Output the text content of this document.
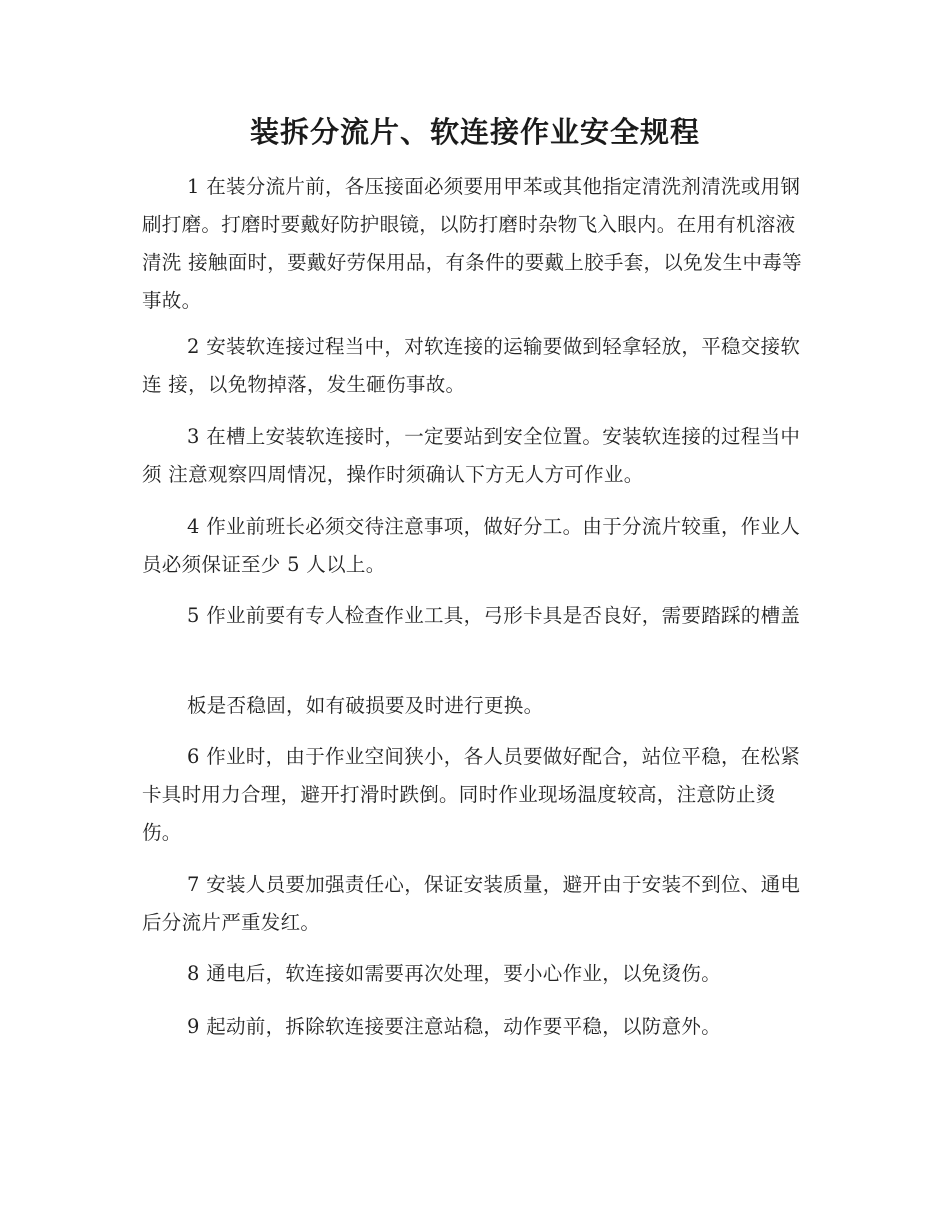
装拆分流片、软连接作业安全规程
1 在装分流片前，各压接面必须要用甲苯或其他指定清洗剂清洗或用钢 刷打磨。打磨时要戴好防护眼镜，以防打磨时杂物飞入眼内。在用有机溶液清洗 接触面时，要戴好劳保用品，有条件的要戴上胶手套，以免发生中毒等事故。
2 安装软连接过程当中，对软连接的运输要做到轻拿轻放，平稳交接软连 接，以免物掉落，发生砸伤事故。
3 在槽上安装软连接时，一定要站到安全位置。安装软连接的过程当中须 注意观察四周情况，操作时须确认下方无人方可作业。
4 作业前班长必须交待注意事项，做好分工。由于分流片较重，作业人 员必须保证至少 5 人以上。
5 作业前要有专人检查作业工具，弓形卡具是否良好，需要踏踩的槽盖
板是否稳固，如有破损要及时进行更换。
6 作业时，由于作业空间狭小，各人员要做好配合，站位平稳，在松紧 卡具时用力合理，避开打滑时跌倒。同时作业现场温度较高，注意防止烫伤。
7 安装人员要加强责任心，保证安装质量，避开由于安装不到位、通电 后分流片严重发红。
8 通电后，软连接如需要再次处理，要小心作业，以免烫伤。
9 起动前，拆除软连接要注意站稳，动作要平稳，以防意外。
